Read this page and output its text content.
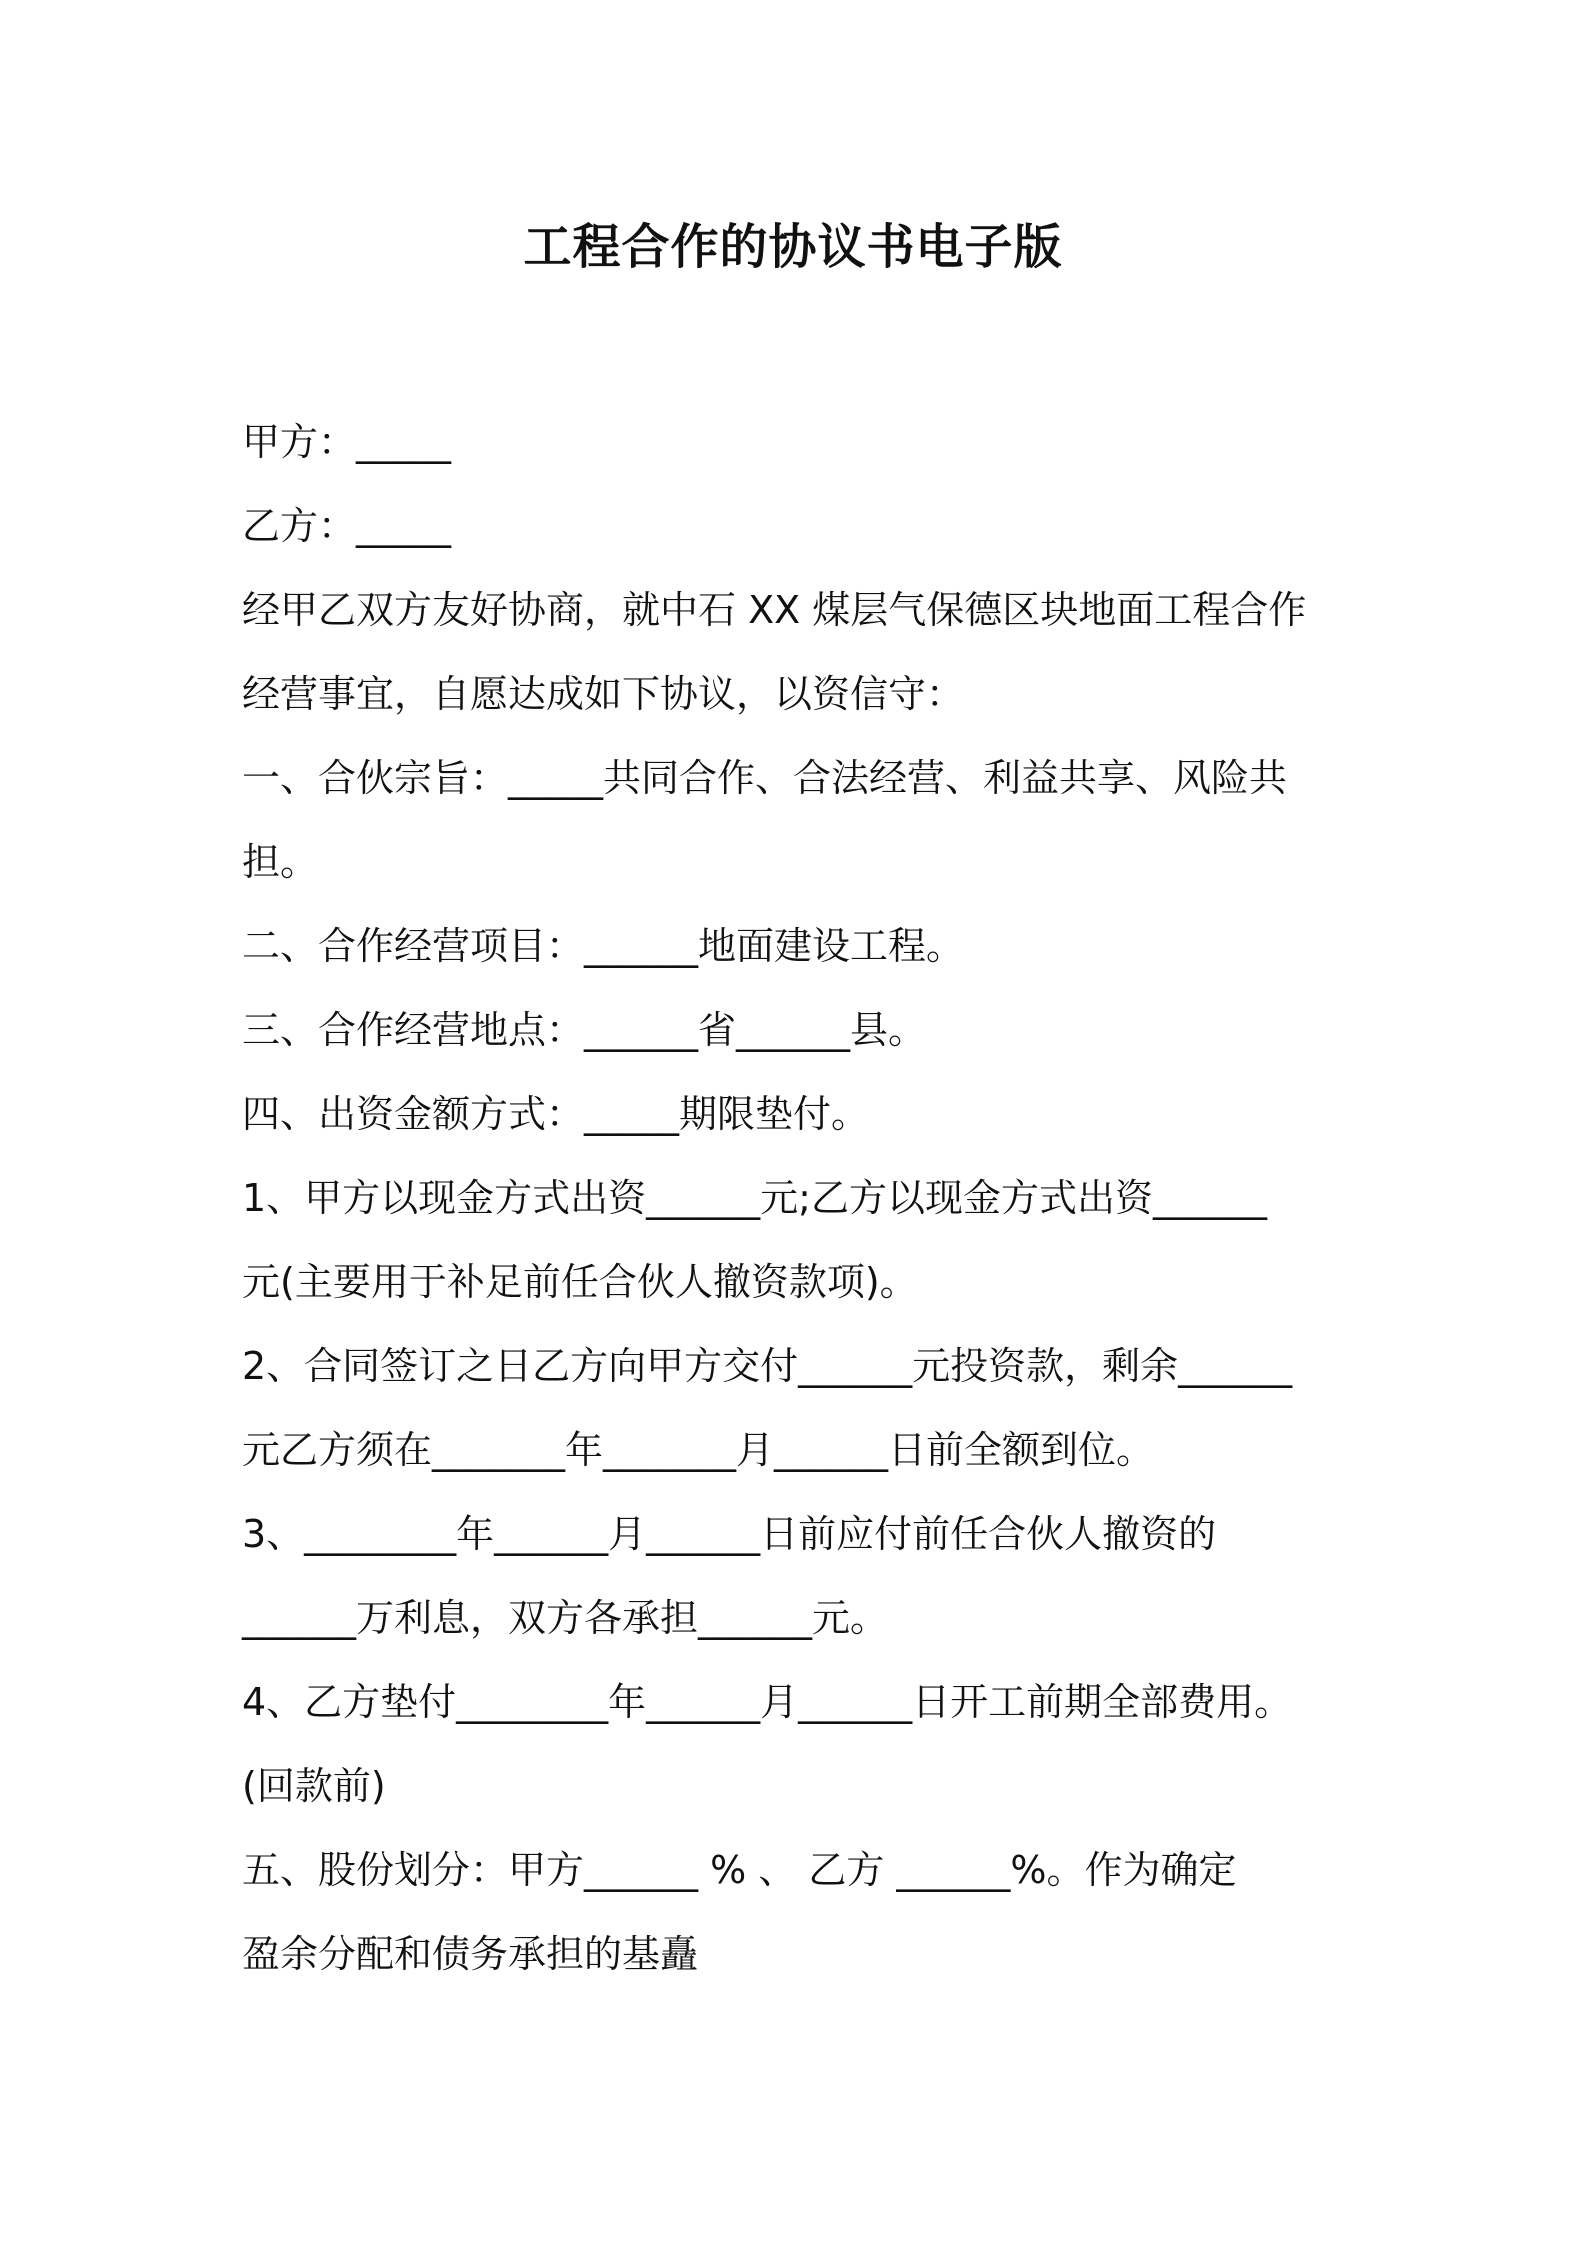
工程合作的协议书电子版

甲方：_____

乙方：_____

经甲乙双方友好协商，就中石 XX 煤层气保德区块地面工程合作

经营事宜，自愿达成如下协议，以资信守：

一、合伙宗旨：_____共同合作、合法经营、利益共享、风险共

担。

二、合作经营项目：______地面建设工程。

三、合作经营地点：______省______县。

四、出资金额方式：_____期限垫付。

1、甲方以现金方式出资______元;乙方以现金方式出资______

元(主要用于补足前任合伙人撤资款项)。

2、合同签订之日乙方向甲方交付______元投资款，剩余______

元乙方须在_______年_______月______日前全额到位。

3、________年______月______日前应付前任合伙人撤资的

______万利息，双方各承担______元。

4、乙方垫付________年______月______日开工前期全部费用。

(回款前)

五、股份划分：甲方______ % 、 乙方 ______%。作为确定

盈余分配和债务承担的基矗
